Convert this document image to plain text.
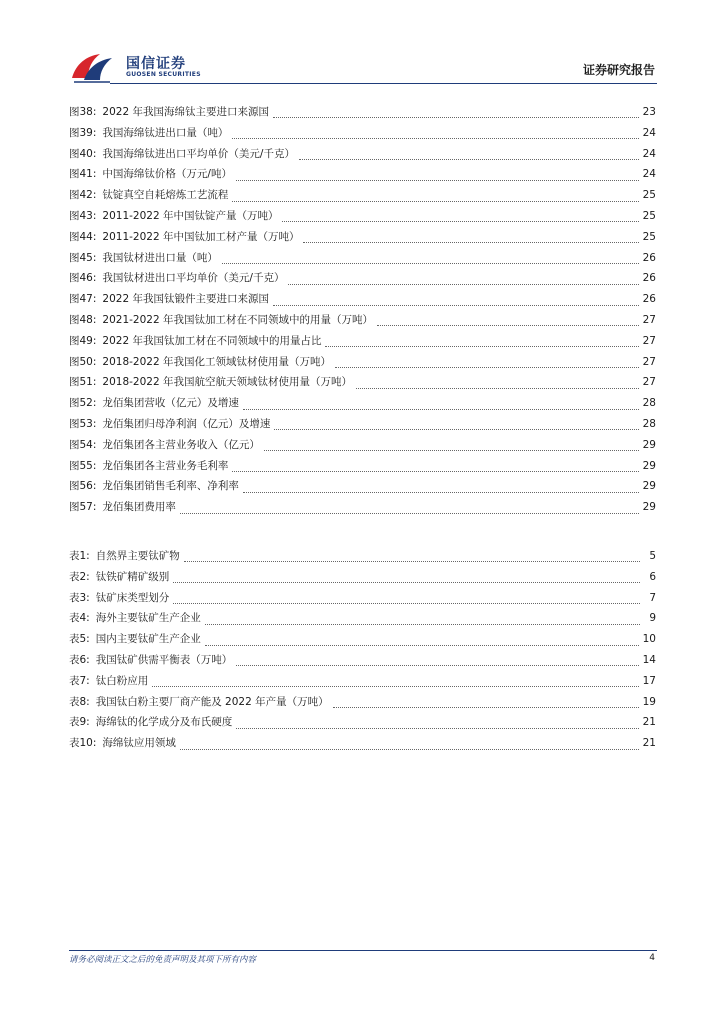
国信证券
GUOSEN SECURITIES	证券研究报告
图38: 2022 年我国海绵钛主要进口来源国	23
图39: 我国海绵钛进出口量（吨）	24
图40: 我国海绵钛进出口平均单价（美元/千克）	24
图41: 中国海绵钛价格（万元/吨）	24
图42: 钛锭真空自耗熔炼工艺流程	25
图43: 2011-2022 年中国钛锭产量（万吨）	25
图44: 2011-2022 年中国钛加工材产量（万吨）	25
图45: 我国钛材进出口量（吨）	26
图46: 我国钛材进出口平均单价（美元/千克）	26
图47: 2022 年我国钛锻件主要进口来源国	26
图48: 2021-2022 年我国钛加工材在不同领域中的用量（万吨）	27
图49: 2022 年我国钛加工材在不同领域中的用量占比	27
图50: 2018-2022 年我国化工领域钛材使用量（万吨）	27
图51: 2018-2022 年我国航空航天领域钛材使用量（万吨）	27
图52: 龙佰集团营收（亿元）及增速	28
图53: 龙佰集团归母净利润（亿元）及增速	28
图54: 龙佰集团各主营业务收入（亿元）	29
图55: 龙佰集团各主营业务毛利率	29
图56: 龙佰集团销售毛利率、净利率	29
图57: 龙佰集团费用率	29
表1: 自然界主要钛矿物	5
表2: 钛铁矿精矿级别	6
表3: 钛矿床类型划分	7
表4: 海外主要钛矿生产企业	9
表5: 国内主要钛矿生产企业	10
表6: 我国钛矿供需平衡表（万吨）	14
表7: 钛白粉应用	17
表8: 我国钛白粉主要厂商产能及 2022 年产量（万吨）	19
表9: 海绵钛的化学成分及布氏硬度	21
表10: 海绵钛应用领域	21
请务必阅读正文之后的免责声明及其项下所有内容	4
